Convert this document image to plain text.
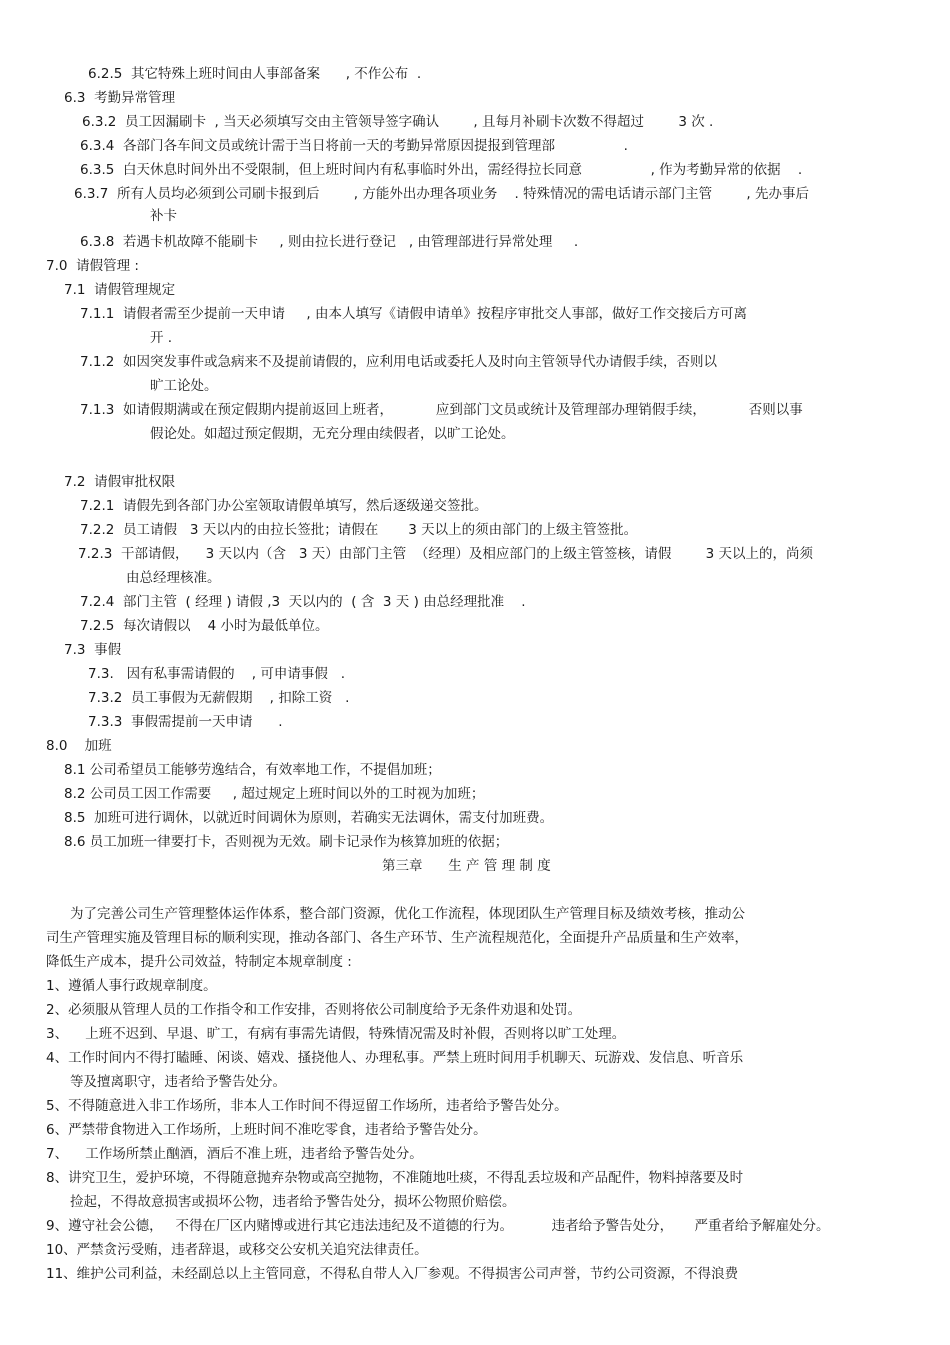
6.2.5  其它特殊上班时间由人事部备案      , 不作公布  .
6.3  考勤异常管理
6.3.2  员工因漏刷卡  , 当天必须填写交由主管领导签字确认        , 且每月补刷卡次数不得超过        3 次 .
6.3.4  各部门各车间文员或统计需于当日将前一天的考勤异常原因提报到管理部                .
6.3.5  白天休息时间外出不受限制，但上班时间内有私事临时外出，需经得拉长同意                , 作为考勤异常的依据    .
6.3.7  所有人员均必须到公司刷卡报到后        , 方能外出办理各项业务    . 特殊情况的需电话请示部门主管        , 先办事后
补卡
6.3.8  若遇卡机故障不能刷卡     , 则由拉长进行登记   , 由管理部进行异常处理     .
7.0  请假管理 :
7.1  请假管理规定
7.1.1  请假者需至少提前一天申请     , 由本人填写《请假申请单》按程序审批交人事部，做好工作交接后方可离
开 .
7.1.2  如因突发事件或急病来不及提前请假的，应利用电话或委托人及时向主管领导代办请假手续，否则以
旷工论处。
7.1.3  如请假期满或在预定假期内提前返回上班者，          应到部门文员或统计及管理部办理销假手续，          否则以事
假论处。如超过预定假期，无充分理由续假者，以旷工论处。
7.2  请假审批权限
7.2.1  请假先到各部门办公室领取请假单填写，然后逐级递交签批。
7.2.2  员工请假   3 天以内的由拉长签批；请假在       3 天以上的须由部门的上级主管签批。
7.2.3  干部请假，    3 天以内（含   3 天）由部门主管  （经理）及相应部门的上级主管签核，请假        3 天以上的，尚须
由总经理核准。
7.2.4  部门主管  ( 经理 ) 请假 ,3  天以内的  ( 含  3 天 ) 由总经理批准    .
7.2.5  每次请假以    4 小时为最低单位。
7.3  事假
7.3.   因有私事需请假的    , 可申请事假   .
7.3.2  员工事假为无薪假期    , 扣除工资   .
7.3.3  事假需提前一天申请      .
8.0    加班
8.1 公司希望员工能够劳逸结合，有效率地工作，不提倡加班；
8.2 公司员工因工作需要     , 超过规定上班时间以外的工时视为加班；
8.5  加班可进行调休，以就近时间调休为原则，若确实无法调休，需支付加班费。
8.6 员工加班一律要打卡，否则视为无效。刷卡记录作为核算加班的依据；
第三章      生 产 管 理 制 度
为了完善公司生产管理整体运作体系，整合部门资源，优化工作流程，体现团队生产管理目标及绩效考核，推动公
司生产管理实施及管理目标的顺利实现，推动各部门、各生产环节、生产流程规范化，全面提升产品质量和生产效率，
降低生产成本，提升公司效益，特制定本规章制度 :
1、遵循人事行政规章制度。
2、必须服从管理人员的工作指令和工作安排，否则将依公司制度给予无条件劝退和处罚。
3、    上班不迟到、早退、旷工，有病有事需先请假，特殊情况需及时补假，否则将以旷工处理。
4、工作时间内不得打瞌睡、闲谈、嬉戏、搔挠他人、办理私事。严禁上班时间用手机聊天、玩游戏、发信息、听音乐
等及擅离职守，违者给予警告处分。
5、不得随意进入非工作场所，非本人工作时间不得逗留工作场所，违者给予警告处分。
6、严禁带食物进入工作场所，上班时间不准吃零食，违者给予警告处分。
7、    工作场所禁止酗酒，酒后不准上班，违者给予警告处分。
8、讲究卫生，爱护环境，不得随意抛弃杂物或高空抛物，不准随地吐痰，不得乱丢垃圾和产品配件，物料掉落要及时
捡起，不得故意损害或损坏公物，违者给予警告处分，损坏公物照价赔偿。
9、遵守社会公德，   不得在厂区内赌博或进行其它违法违纪及不道德的行为。         违者给予警告处分，     严重者给予解雇处分。
10、严禁贪污受贿，违者辞退，或移交公安机关追究法律责任。
11、维护公司利益，未经副总以上主管同意，不得私自带人入厂参观。不得损害公司声誉，节约公司资源，不得浪费
